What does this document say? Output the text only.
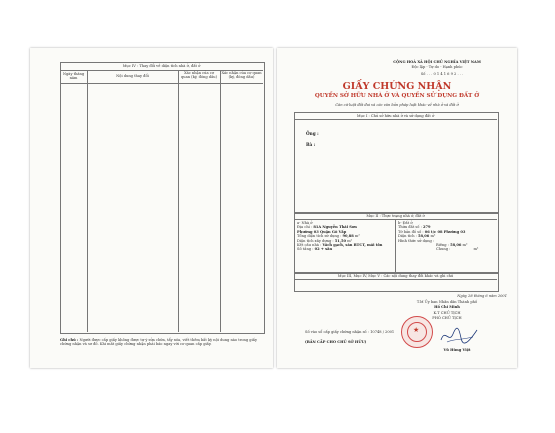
Mục IV : Thay đổi về diện tích nhà ở, đất ở
Ngày tháng năm
Nội dung thay đổi
Xác nhận của cơ quan (ký, đóng dấu)
Xác nhận của cơ quan (ký, đóng dấu)
Ghi chú : Người được cấp giấy không được tự ý sửa chữa, tẩy xóa, viết thêm bất kỳ nội dung nào trong giấy chứng nhận và sơ đồ. Khi mất giấy chứng nhận phải báo ngay với cơ quan cấp giấy.
CỘNG HOÀ XÃ HỘI CHỦ NGHĨA VIỆT NAM
Độc lập - Tự do - Hạnh phúc
Số . . . 0 1 4 1 6 9 2 . . .
GIẤY CHỨNG NHẬN
QUYỀN SỞ HỮU NHÀ Ở VÀ QUYỀN SỬ DỤNG ĐẤT Ở
Căn cứ luật đất đai và các văn bản pháp luật khác về nhà ở và đất ở
Mục I : Chủ sở hữu nhà ở và sử dụng đất ở
Ông :
Bà :
Mục II : Thực trạng nhà ở, đất ở
a- Nhà ở
Địa chỉ : 81A Nguyễn Thái Sơn
Phường 03 Quận Gò Vấp
Tổng diện tích sử dụng : 90,88 m²
Diện tích xây dựng : 51,50 m²
Kết cấu nhà : Vách gạch, sàn BTCT, mái tôn
Số tầng : 02 + sân
b- Đất ở
Thửa đất số : 279
Tờ bản đồ số : 06 t/c 08 Phường 03
Diện tích : 58,06 m²
Hình thức sử dụng :
Riêng : 58,06 m²
Chung :	m²
Mục III, Mục IV, Mục V : Các nội dung thay đổi khác và ghi chú
Ngày 28 tháng 6 năm 2001
T.M Ủy ban Nhân dân Thành phố
Hồ Chí Minh
K.T CHỦ TỊCH
PHÓ CHỦ TỊCH
★
Số vào sổ cấp giấy chứng nhận số : 10748 / 2001
(BẢN CẤP CHO CHỦ SỞ HỮU)
Vũ Hùng Việt
